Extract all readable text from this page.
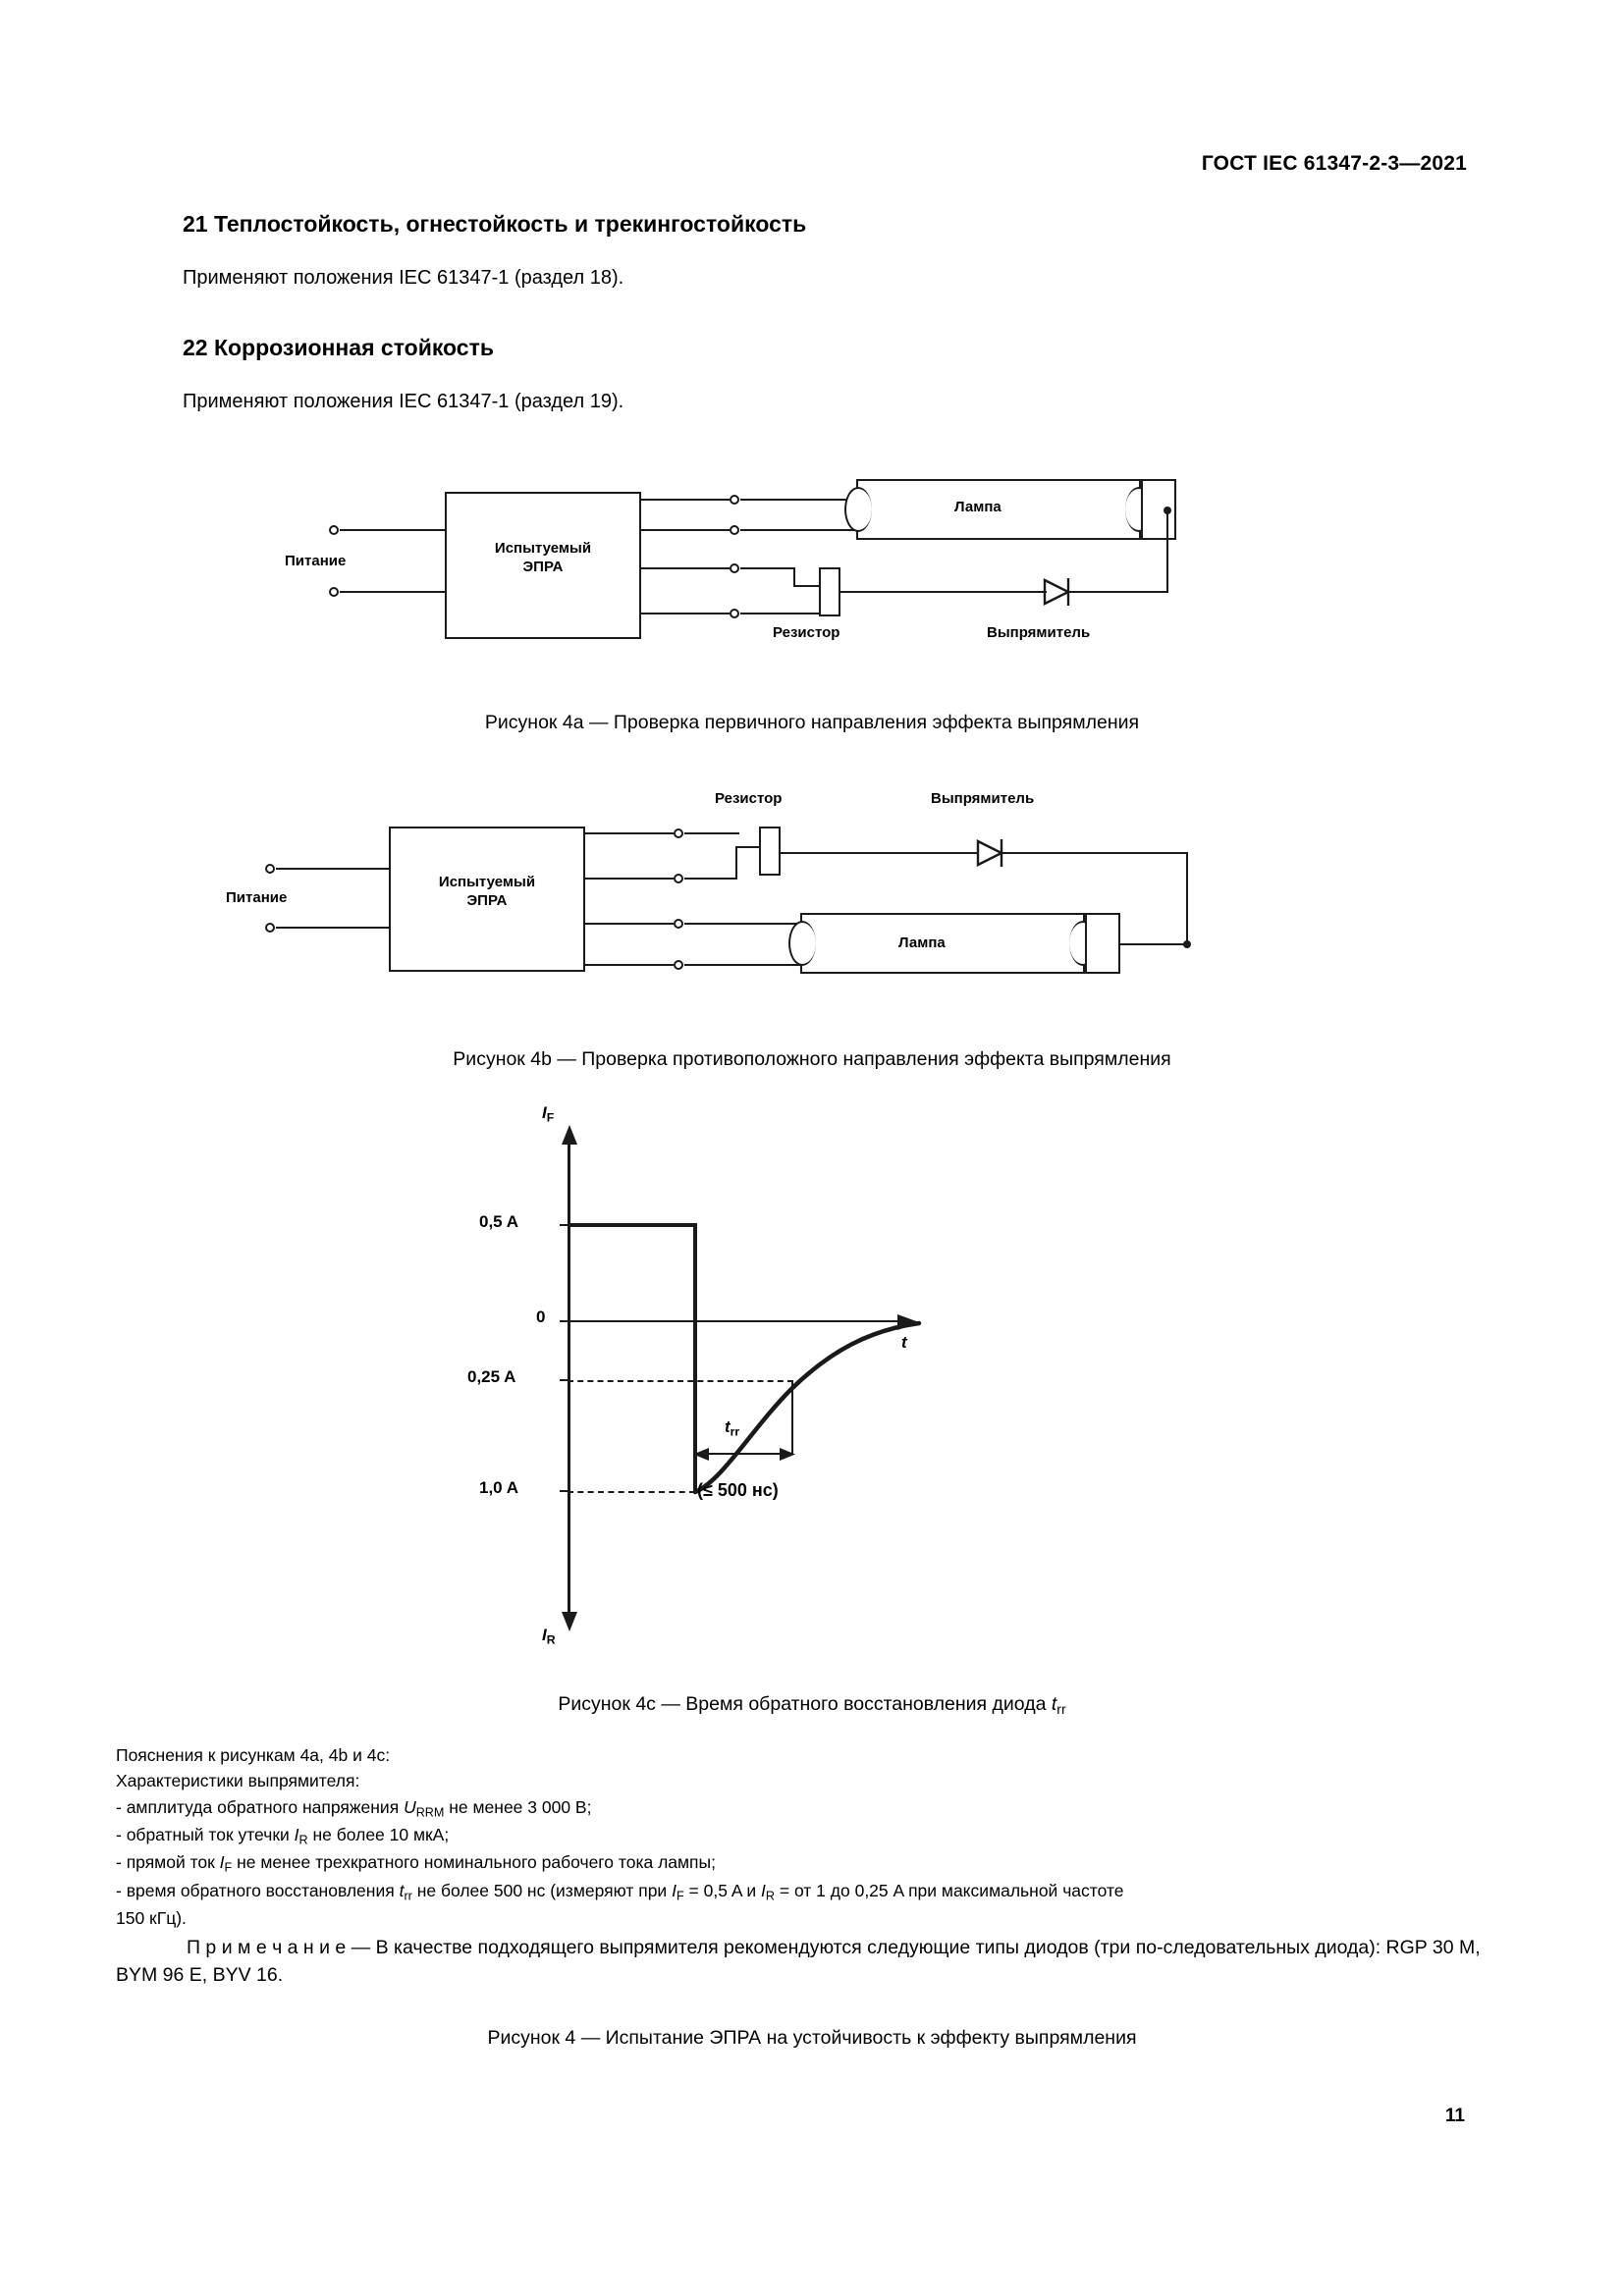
ГОСТ IEC 61347-2-3—2021
21 Теплостойкость, огнестойкость и трекингостойкость

Применяют положения IEC 61347-1 (раздел 18).

22 Коррозионная стойкость

Применяют положения IEC 61347-1 (раздел 19).

Питание
Испытуемый
ЭПРА
Лампа
Резистор	Выпрямитель
Рисунок 4a — Проверка первичного направления эффекта выпрямления
Питание
Испытуемый
ЭПРА
Резистор	Выпрямитель
Лампа
Рисунок 4b — Проверка противоположного направления эффекта выпрямления
$I_F$
$I_R$
t
0,5 A
0
0,25 A
1,0 A
$t_{rr}$
(≤ 500 нс)
Рисунок 4c — Время обратного восстановления диода $t_{rr}$
Пояснения к рисункам 4a, 4b и 4c:
Характеристики выпрямителя:
- амплитуда обратного напряжения $U_{RRM}$ не менее 3 000 В;
- обратный ток утечки $I_R$ не более 10 мкА;
- прямой ток $I_F$ не менее трехкратного номинального рабочего тока лампы;
- время обратного восстановления $t_{rr}$ не более 500 нс (измеряют при $I_F = 0,5$ A и $I_R$ = от 1 до 0,25 A при максимальной частоте
150 кГц).
П р и м е ч а н и е — В качестве подходящего выпрямителя рекомендуются следующие типы диодов (три по-следовательных диода): RGP 30 M, BYM 96 E, BYV 16.
Рисунок 4 — Испытание ЭПРА на устойчивость к эффекту выпрямления
11
